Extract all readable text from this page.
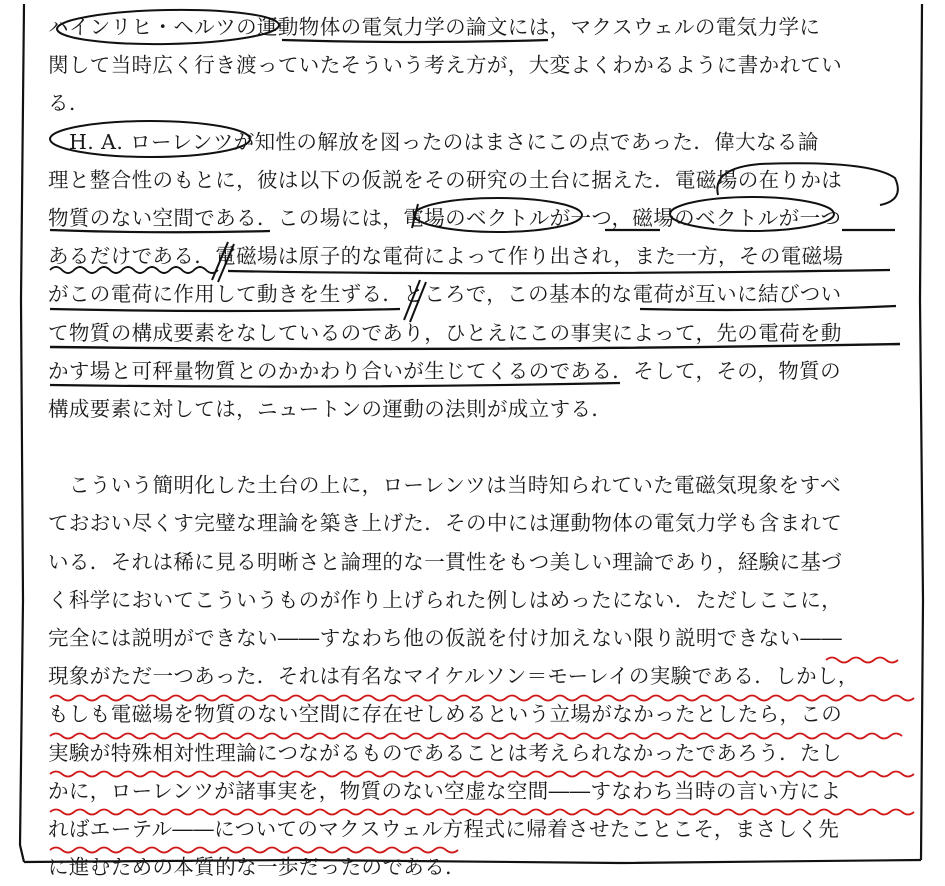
ハインリヒ・ヘルツの運動物体の電気力学の論文には，マクスウェルの電気力学に
関して当時広く行き渡っていたそういう考え方が，大変よくわかるように書かれてい
る.
H. A. ローレンツが知性の解放を図ったのはまさにこの点であった．偉大なる論
理と整合性のもとに，彼は以下の仮説をその研究の土台に据えた．電磁場の在りかは
物質のない空間である．この場には，電場のベクトルが一つ，磁場のベクトルが一つ
あるだけである．電磁場は原子的な電荷によって作り出され，また一方，その電磁場
がこの電荷に作用して動きを生ずる．ところで，この基本的な電荷が互いに結びつい
て物質の構成要素をなしているのであり，ひとえにこの事実によって，先の電荷を動
かす場と可秤量物質とのかかわり合いが生じてくるのである．そして，その，物質の
構成要素に対しては，ニュートンの運動の法則が成立する．
こういう簡明化した土台の上に，ローレンツは当時知られていた電磁気現象をすべ
ておおい尽くす完璧な理論を築き上げた．その中には運動物体の電気力学も含まれて
いる．それは稀に見る明晰さと論理的な一貫性をもつ美しい理論であり，経験に基づ
く科学においてこういうものが作り上げられた例しはめったにない．ただしここに，
完全には説明ができない――すなわち他の仮説を付け加えない限り説明できない――
現象がただ一つあった．それは有名なマイケルソン＝モーレイの実験である．しかし，
もしも電磁場を物質のない空間に存在せしめるという立場がなかったとしたら，この
実験が特殊相対性理論につながるものであることは考えられなかったであろう．たし
かに，ローレンツが諸事実を，物質のない空虚な空間――すなわち当時の言い方によ
ればエーテル――についてのマクスウェル方程式に帰着させたことこそ，まさしく先
に進むための本質的な一歩だったのである．
